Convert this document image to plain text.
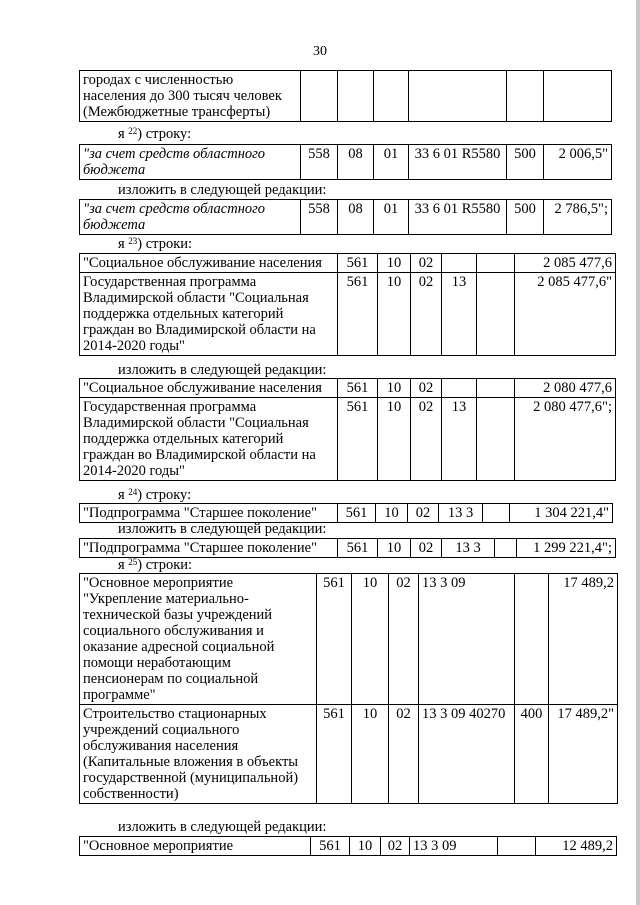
30
городах с численностью населения до 300 тысяч человек (Межбюджетные трансферты)						
я $^{22}$) строку:
"за счет средств областного бюджета	558	08	01	33 6 01 R5580	500	2 006,5"
изложить в следующей редакции:
"за счет средств областного бюджета	558	08	01	33 6 01 R5580	500	2 786,5";
я $^{23}$) строки:
"Социальное обслуживание населения	561	10	02			2 085 477,6
Государственная программа Владимирской области "Социальная поддержка отдельных категорий граждан во Владимирской области на 2014-2020 годы"	561	10	02	13		2 085 477,6"
изложить в следующей редакции:
"Социальное обслуживание населения	561	10	02			2 080 477,6
Государственная программа Владимирской области "Социальная поддержка отдельных категорий граждан во Владимирской области на 2014-2020 годы"	561	10	02	13		2 080 477,6";
я $^{24}$) строку:
"Подпрограмма "Старшее поколение"	561	10	02	13 3		1 304 221,4"
изложить в следующей редакции:
"Подпрограмма "Старшее поколение"	561	10	02	13 3		1 299 221,4";
я $^{25}$) строки:
"Основное мероприятие "Укрепление материально-технической базы учреждений социального обслуживания и оказание адресной социальной помощи неработающим пенсионерам по социальной программе"	561	10	02	13 3 09		17 489,2
Строительство стационарных учреждений социального обслуживания населения (Капитальные вложения в объекты государственной (муниципальной) собственности)	561	10	02	13 3 09 40270	400	17 489,2"
изложить в следующей редакции:
"Основное мероприятие	561	10	02	13 3 09		12 489,2
